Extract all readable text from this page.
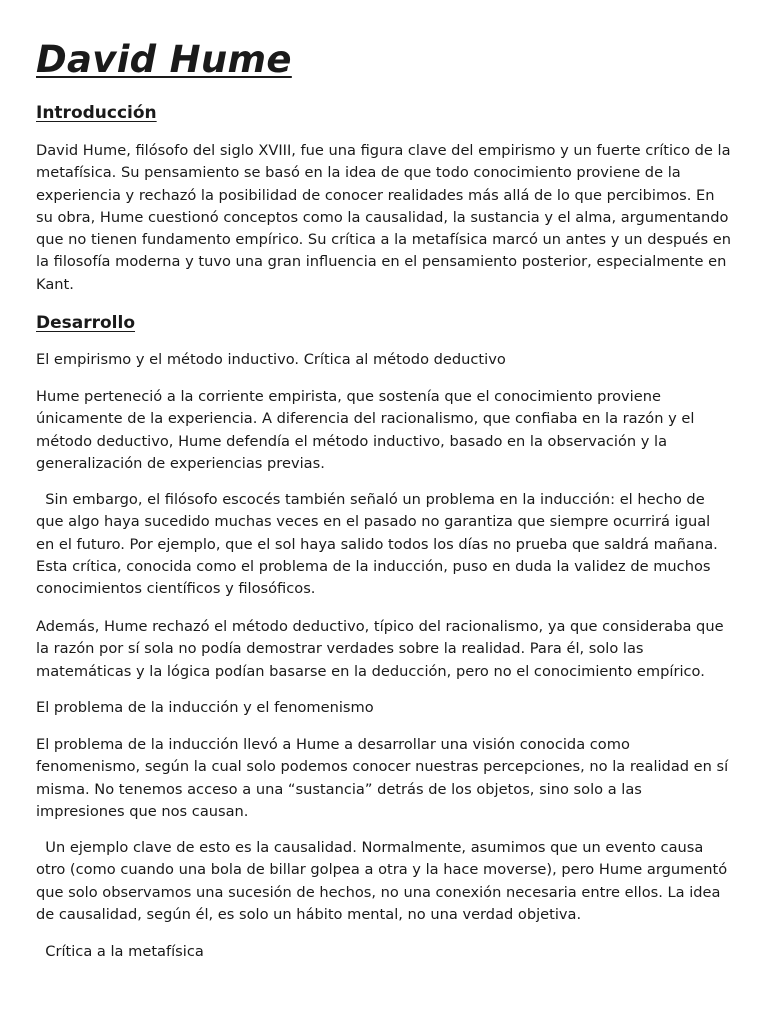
David Hume
Introducción

David Hume, filósofo del siglo XVIII, fue una figura clave del empirismo y un fuerte crítico de la metafísica. Su pensamiento se basó en la idea de que todo conocimiento proviene de la experiencia y rechazó la posibilidad de conocer realidades más allá de lo que percibimos. En su obra, Hume cuestionó conceptos como la causalidad, la sustancia y el alma, argumentando que no tienen fundamento empírico. Su crítica a la metafísica marcó un antes y un después en la filosofía moderna y tuvo una gran influencia en el pensamiento posterior, especialmente en Kant.

Desarrollo

El empirismo y el método inductivo. Crítica al método deductivo

Hume perteneció a la corriente empirista, que sostenía que el conocimiento proviene únicamente de la experiencia. A diferencia del racionalismo, que confiaba en la razón y el método deductivo, Hume defendía el método inductivo, basado en la observación y la generalización de experiencias previas.

Sin embargo, el filósofo escocés también señaló un problema en la inducción: el hecho de que algo haya sucedido muchas veces en el pasado no garantiza que siempre ocurrirá igual en el futuro. Por ejemplo, que el sol haya salido todos los días no prueba que saldrá mañana. Esta crítica, conocida como el problema de la inducción, puso en duda la validez de muchos conocimientos científicos y filosóficos.

Además, Hume rechazó el método deductivo, típico del racionalismo, ya que consideraba que la razón por sí sola no podía demostrar verdades sobre la realidad. Para él, solo las matemáticas y la lógica podían basarse en la deducción, pero no el conocimiento empírico.

El problema de la inducción y el fenomenismo

El problema de la inducción llevó a Hume a desarrollar una visión conocida como fenomenismo, según la cual solo podemos conocer nuestras percepciones, no la realidad en sí misma. No tenemos acceso a una “sustancia” detrás de los objetos, sino solo a las impresiones que nos causan.

Un ejemplo clave de esto es la causalidad. Normalmente, asumimos que un evento causa otro (como cuando una bola de billar golpea a otra y la hace moverse), pero Hume argumentó que solo observamos una sucesión de hechos, no una conexión necesaria entre ellos. La idea de causalidad, según él, es solo un hábito mental, no una verdad objetiva.

Crítica a la metafísica
